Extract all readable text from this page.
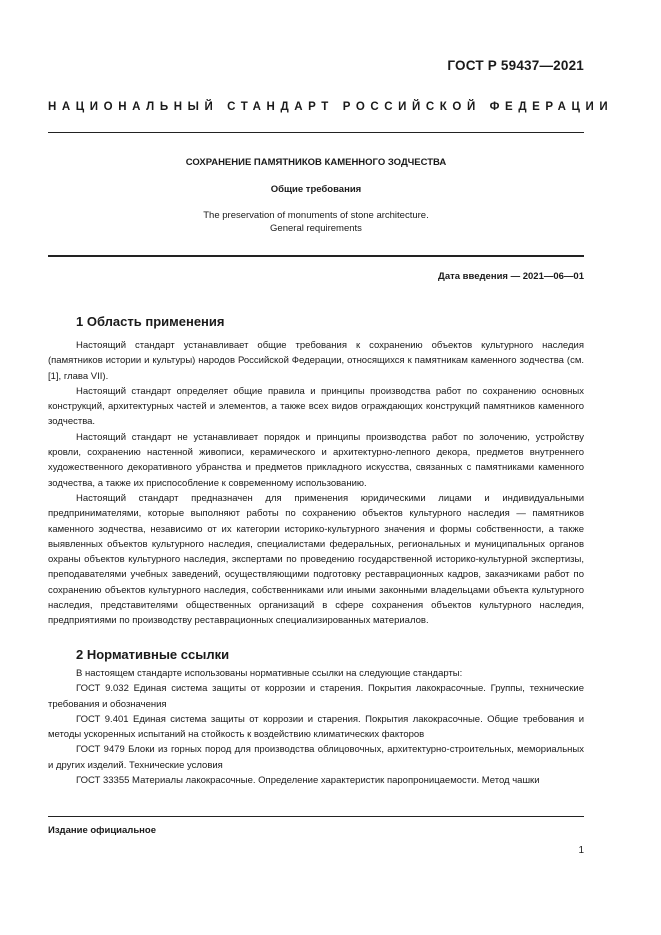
ГОСТ Р 59437—2021
НАЦИОНАЛЬНЫЙ СТАНДАРТ РОССИЙСКОЙ ФЕДЕРАЦИИ
СОХРАНЕНИЕ ПАМЯТНИКОВ КАМЕННОГО ЗОДЧЕСТВА
Общие требования
The preservation of monuments of stone architecture.
General requirements
Дата введения — 2021—06—01
1 Область применения

Настоящий стандарт устанавливает общие требования к сохранению объектов культурного наследия (памятников истории и культуры) народов Российской Федерации, относящихся к памятникам каменного зодчества (см. [1], глава VII).

Настоящий стандарт определяет общие правила и принципы производства работ по сохранению основных конструкций, архитектурных частей и элементов, а также всех видов ограждающих конструкций памятников каменного зодчества.

Настоящий стандарт не устанавливает порядок и принципы производства работ по золочению, устройству кровли, сохранению настенной живописи, керамического и архитектурно-лепного декора, предметов внутреннего художественного декоративного убранства и предметов прикладного искусства, связанных с памятниками каменного зодчества, а также их приспособление к современному использованию.

Настоящий стандарт предназначен для применения юридическими лицами и индивидуальными предпринимателями, которые выполняют работы по сохранению объектов культурного наследия — памятников каменного зодчества, независимо от их категории историко-культурного значения и формы собственности, а также выявленных объектов культурного наследия, специалистами федеральных, региональных и муниципальных органов охраны объектов культурного наследия, экспертами по проведению государственной историко-культурной экспертизы, преподавателями учебных заведений, осуществляющими подготовку реставрационных кадров, заказчиками работ по сохранению объектов культурного наследия, собственниками или иными законными владельцами объекта культурного наследия, представителями общественных организаций в сфере сохранения объектов культурного наследия, предприятиями по производству реставрационных специализированных материалов.

2 Нормативные ссылки

В настоящем стандарте использованы нормативные ссылки на следующие стандарты:

ГОСТ 9.032 Единая система защиты от коррозии и старения. Покрытия лакокрасочные. Группы, технические требования и обозначения

ГОСТ 9.401 Единая система защиты от коррозии и старения. Покрытия лакокрасочные. Общие требования и методы ускоренных испытаний на стойкость к воздействию климатических факторов

ГОСТ 9479 Блоки из горных пород для производства облицовочных, архитектурно-строительных, мемориальных и других изделий. Технические условия

ГОСТ 33355 Материалы лакокрасочные. Определение характеристик паропроницаемости. Метод чашки

Издание официальное
1
